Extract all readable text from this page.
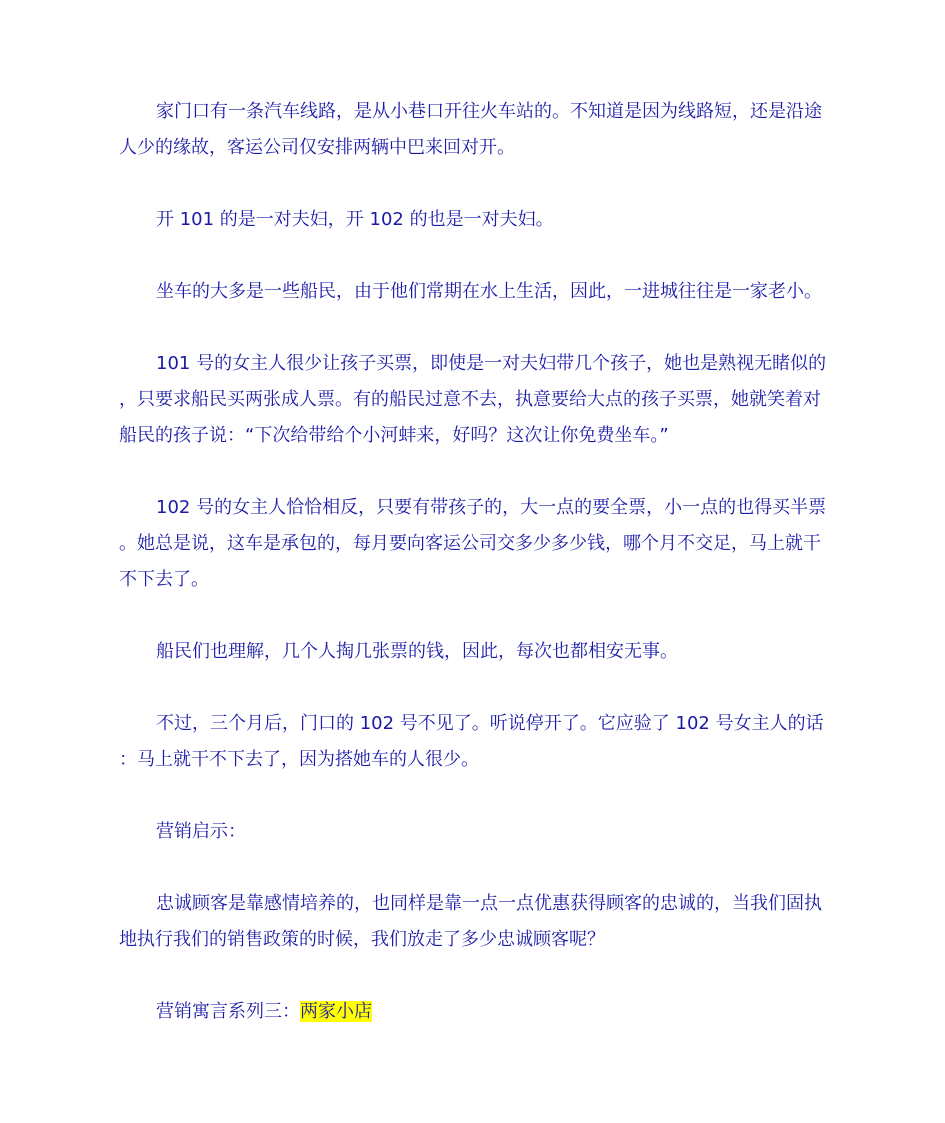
家门口有一条汽车线路，是从小巷口开往火车站的。不知道是因为线路短，还是沿途人少的缘故，客运公司仅安排两辆中巴来回对开。

开 101 的是一对夫妇，开 102 的也是一对夫妇。

坐车的大多是一些船民，由于他们常期在水上生活，因此，一进城往往是一家老小。

101 号的女主人很少让孩子买票，即使是一对夫妇带几个孩子，她也是熟视无睹似的，只要求船民买两张成人票。有的船民过意不去，执意要给大点的孩子买票，她就笑着对船民的孩子说：“下次给带给个小河蚌来，好吗？这次让你免费坐车。”

102 号的女主人恰恰相反，只要有带孩子的，大一点的要全票，小一点的也得买半票。她总是说，这车是承包的，每月要向客运公司交多少多少钱，哪个月不交足，马上就干不下去了。

船民们也理解，几个人掏几张票的钱，因此，每次也都相安无事。

不过，三个月后，门口的 102 号不见了。听说停开了。它应验了 102 号女主人的话：马上就干不下去了，因为搭她车的人很少。

营销启示：

忠诚顾客是靠感情培养的，也同样是靠一点一点优惠获得顾客的忠诚的，当我们固执地执行我们的销售政策的时候，我们放走了多少忠诚顾客呢？

营销寓言系列三：两家小店
